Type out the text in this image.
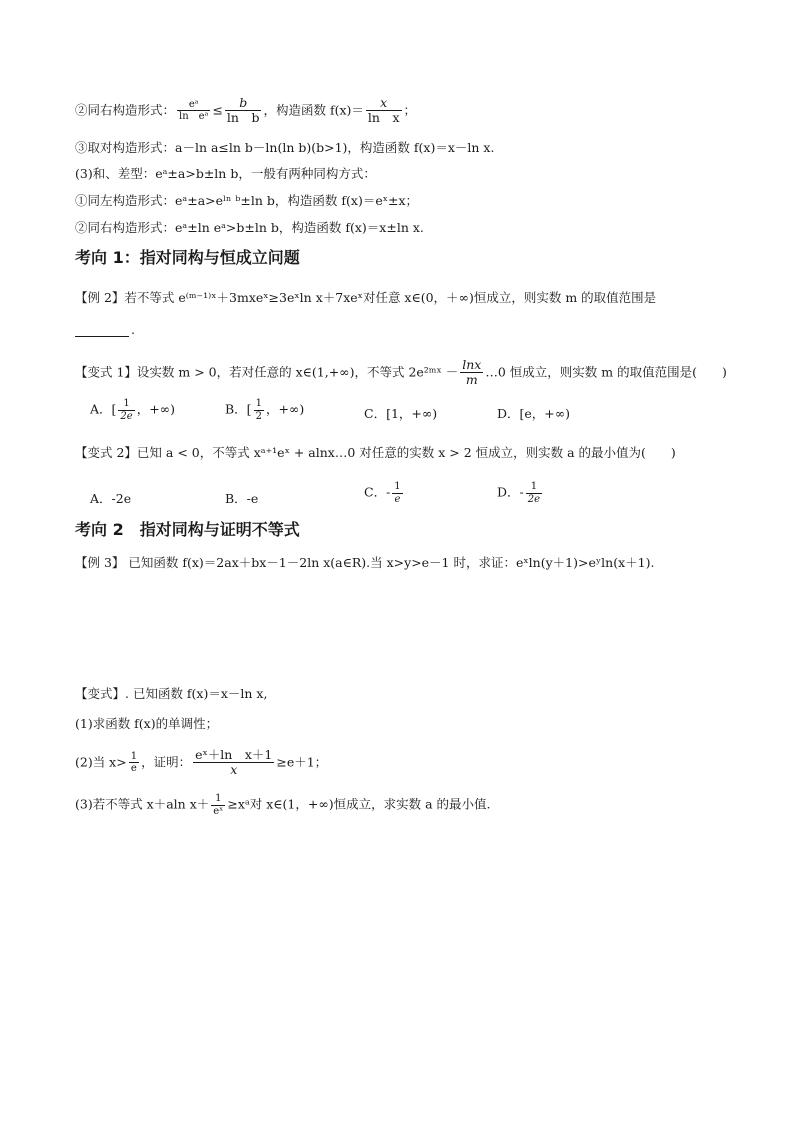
②同右构造形式： $\frac{\text{eᵃ}}{\text{ln　eᵃ}} \le \frac{b}{\text{ln　b}}$ ，构造函数 $f(x)= \frac{x}{\text{ln　x}}$ ；
③取对构造形式：a－ln a≤ln b－ln(ln b)(b>1)，构造函数 f(x)＝x－ln x.
(3)和、差型：eᵃ±a>b±ln b，一般有两种同构方式：
①同左构造形式：eᵃ±a>eˡⁿ ᵇ±ln b，构造函数 f(x)＝eˣ±x；
②同右构造形式：eᵃ±ln eᵃ>b±ln b，构造函数 f(x)＝x±ln x.
考向 1：指对同构与恒成立问题
【例 2】若不等式 e⁽ᵐ⁻¹⁾ˣ＋3mxeˣ≥3eˣln x＋7xeˣ对任意 x∈(0，＋∞)恒成立，则实数 m 的取值范围是
.
【变式 1】设实数 m > 0，若对任意的 x∈(1,+∞)，不等式 2e²ᵐˣ － $\frac{\ln x}{m}$ …0 恒成立，则实数 m 的取值范围是(　　)
A．[ $\frac{1}{2e}$ ，+∞)	B．[ $\frac{1}{2}$ ，+∞)	C．[1，+∞)	D．[e，+∞)
【变式 2】已知 a < 0，不等式 xᵃ⁺¹eˣ + alnx…0 对任意的实数 x > 2 恒成立，则实数 a 的最小值为(　　)
A．-2e	B．-e	C．- $\frac{1}{e}$	D．- $\frac{1}{2e}$
考向 2　指对同构与证明不等式
【例 3】 已知函数 f(x)＝2ax＋bx－1－2ln x(a∈R).当 x>y>e－1 时，求证：eˣln(y＋1)>eʸln(x＋1).
【变式】. 已知函数 f(x)＝x－ln x,
(1)求函数 f(x)的单调性；
(2)当 $x> \frac{1}{e}$ ，证明： $\frac{\text{eˣ＋ln　x＋1}}{x} \ge e+1$；
(3)若不等式 x＋aln $x+ \frac{1}{\text{eˣ}}$ ≥xᵃ对 x∈(1，+∞)恒成立，求实数 a 的最小值.
